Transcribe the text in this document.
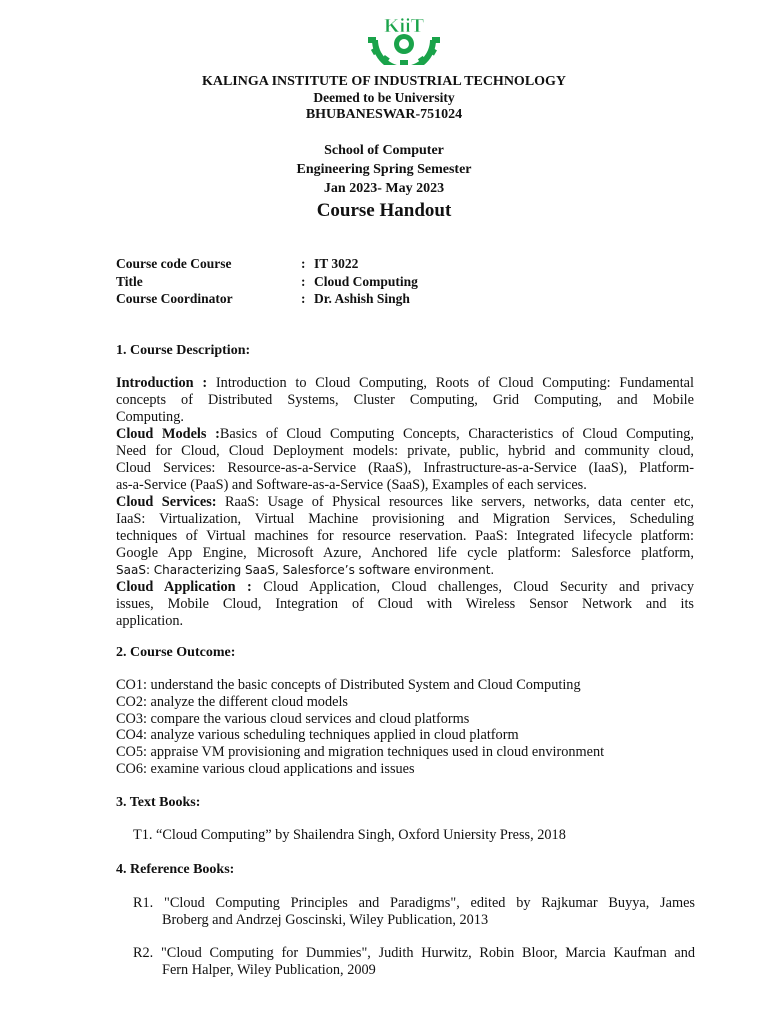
KiiT
KALINGA INSTITUTE OF INDUSTRIAL TECHNOLOGY
Deemed to be University
BHUBANESWAR-751024
School of Computer
Engineering Spring Semester
Jan 2023- May 2023
Course Handout
Course code Course	: IT 3022
Title	: Cloud Computing
Course Coordinator	: Dr. Ashish Singh
1. Course Description:
Introduction : Introduction to Cloud Computing, Roots of Cloud Computing: Fundamental
concepts of Distributed Systems, Cluster Computing, Grid Computing, and Mobile
Computing.
Cloud Models :Basics of Cloud Computing Concepts, Characteristics of Cloud Computing,
Need for Cloud, Cloud Deployment models: private, public, hybrid and community cloud,
Cloud Services: Resource-as-a-Service (RaaS), Infrastructure-as-a-Service (IaaS), Platform-
as-a-Service (PaaS) and Software-as-a-Service (SaaS), Examples of each services.
Cloud Services: RaaS: Usage of Physical resources like servers, networks, data center etc,
IaaS: Virtualization, Virtual Machine provisioning and Migration Services, Scheduling
techniques of Virtual machines for resource reservation. PaaS: Integrated lifecycle platform:
Google App Engine, Microsoft Azure, Anchored life cycle platform: Salesforce platform,
SaaS: Characterizing SaaS, Salesforce’s software environment.
Cloud Application : Cloud Application, Cloud challenges, Cloud Security and privacy
issues, Mobile Cloud, Integration of Cloud with Wireless Sensor Network and its
application.
2. Course Outcome:
CO1: understand the basic concepts of Distributed System and Cloud Computing
CO2: analyze the different cloud models
CO3: compare the various cloud services and cloud platforms
CO4: analyze various scheduling techniques applied in cloud platform
CO5: appraise VM provisioning and migration techniques used in cloud environment
CO6: examine various cloud applications and issues
3. Text Books:
T1. “Cloud Computing” by Shailendra Singh, Oxford Uniersity Press, 2018
4. Reference Books:
R1. "Cloud Computing Principles and Paradigms", edited by Rajkumar Buyya, James
Broberg and Andrzej Goscinski, Wiley Publication, 2013
R2. "Cloud Computing for Dummies", Judith Hurwitz, Robin Bloor, Marcia Kaufman and
Fern Halper, Wiley Publication, 2009
